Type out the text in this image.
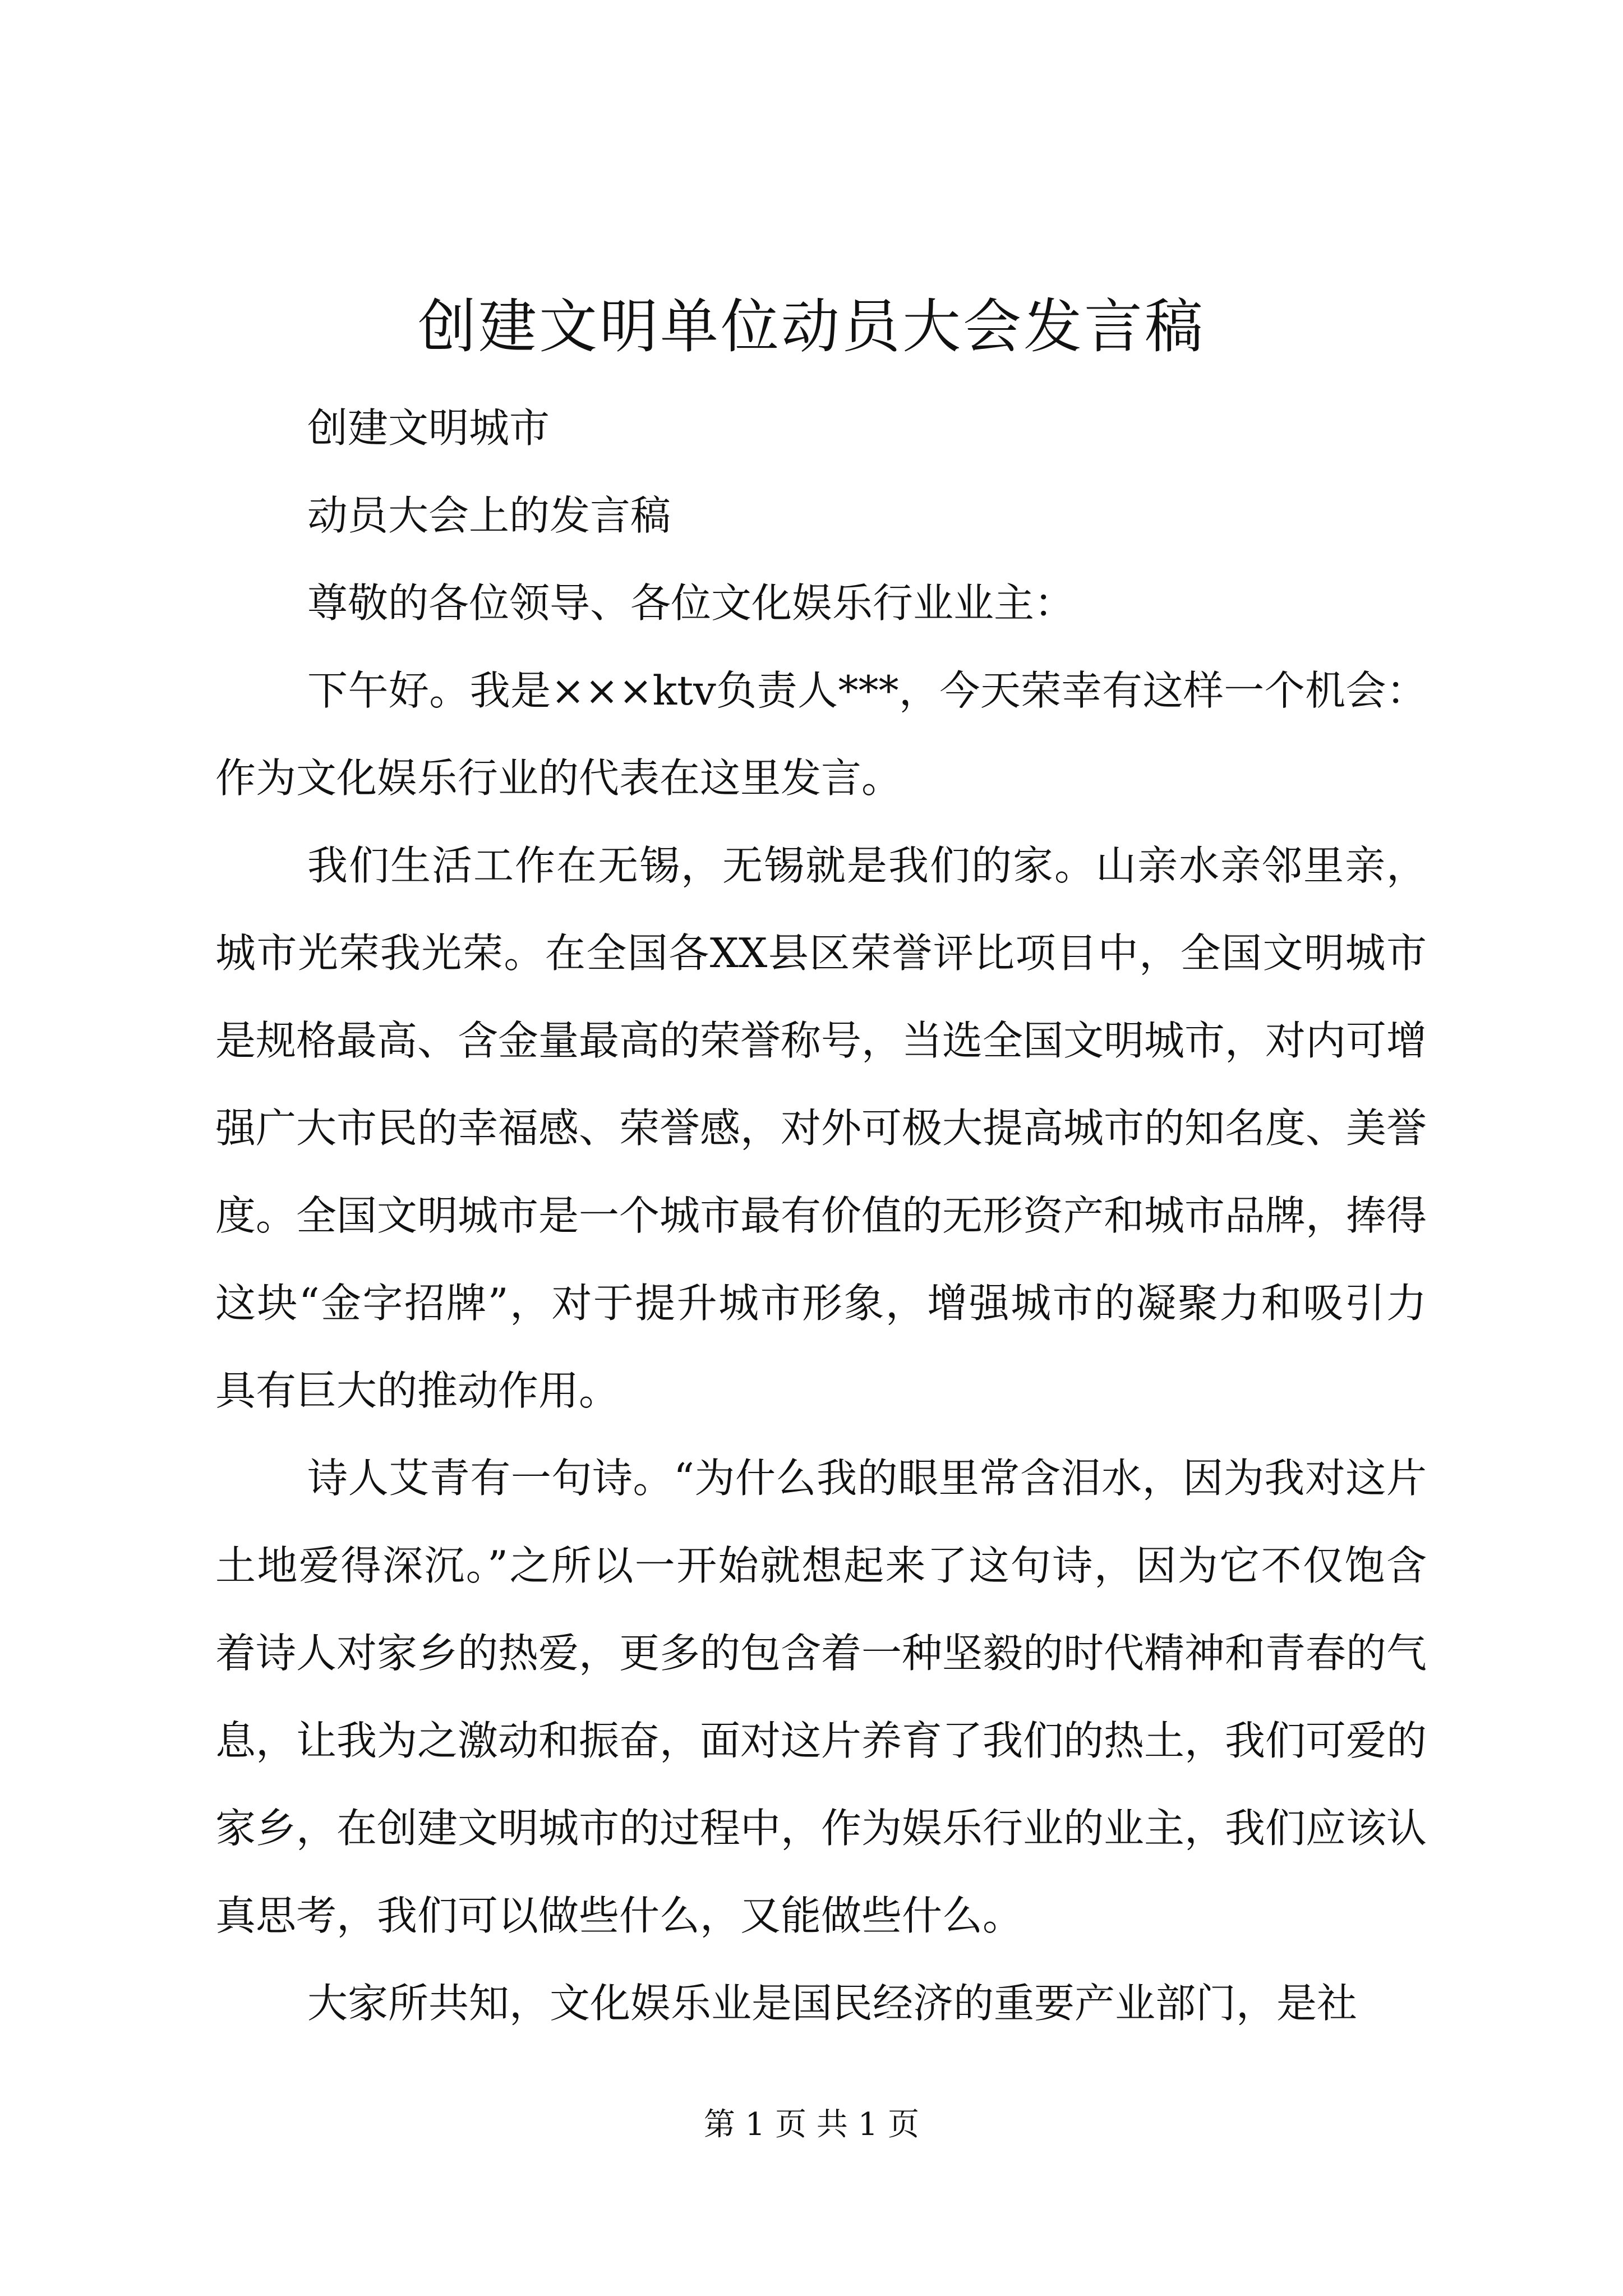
创建文明单位动员大会发言稿

创建文明城市

动员大会上的发言稿

尊敬的各位领导、各位文化娱乐行业业主：

下午好。我是×××ktv负责人***，今天荣幸有这样一个机会：作为文化娱乐行业的代表在这里发言。

我们生活工作在无锡，无锡就是我们的家。山亲水亲邻里亲，城市光荣我光荣。在全国各XX县区荣誉评比项目中，全国文明城市是规格最高、含金量最高的荣誉称号，当选全国文明城市，对内可增强广大市民的幸福感、荣誉感，对外可极大提高城市的知名度、美誉度。全国文明城市是一个城市最有价值的无形资产和城市品牌，捧得这块“金字招牌”，对于提升城市形象，增强城市的凝聚力和吸引力具有巨大的推动作用。

诗人艾青有一句诗。“为什么我的眼里常含泪水，因为我对这片土地爱得深沉。”之所以一开始就想起来了这句诗，因为它不仅饱含着诗人对家乡的热爱，更多的包含着一种坚毅的时代精神和青春的气息，让我为之激动和振奋，面对这片养育了我们的热土，我们可爱的家乡，在创建文明城市的过程中，作为娱乐行业的业主，我们应该认真思考，我们可以做些什么，又能做些什么。

大家所共知，文化娱乐业是国民经济的重要产业部门，是社

第 1 页 共 1 页
